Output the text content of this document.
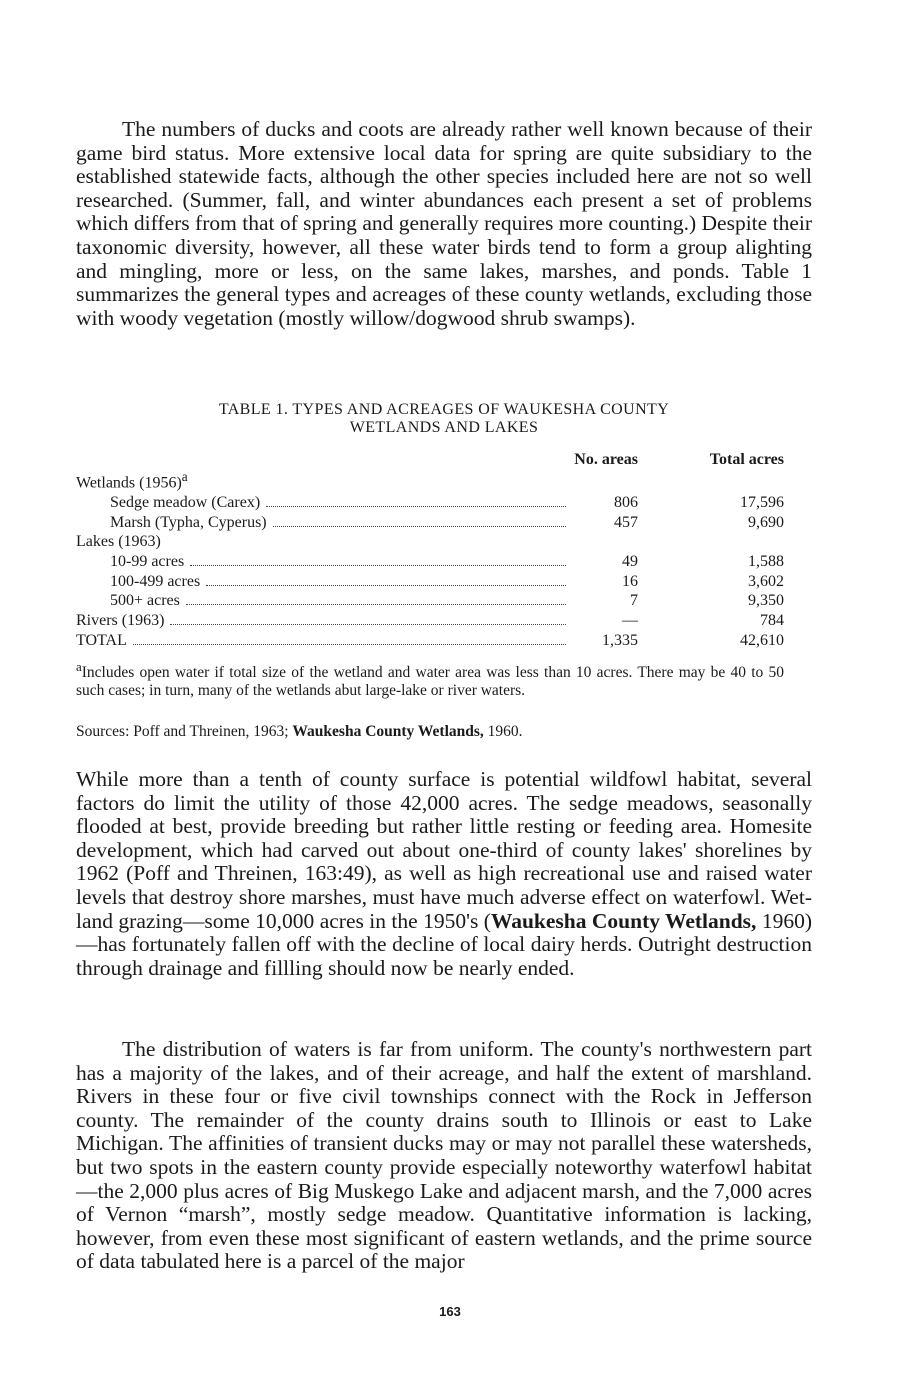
The numbers of ducks and coots are already rather well known because of their game bird status. More extensive local data for spring are quite subsidiary to the established statewide facts, although the other species included here are not so well researched. (Summer, fall, and winter abundances each present a set of problems which differs from that of spring and generally requires more counting.) Despite their taxonomic diversity, however, all these water birds tend to form a group alighting and mingling, more or less, on the same lakes, marshes, and ponds. Table 1 summarizes the general types and acreages of these county wetlands, excluding those with woody vegetation (mostly willow/dogwood shrub swamps).

TABLE 1. TYPES AND ACREAGES OF WAUKESHA COUNTY
WETLANDS AND LAKES
	No. areas	Total acres
Wetlands $(1956)^a$		

Sedge meadow (Carex)	806	17,596

Marsh (Typha, Cyperus)	457	9,690
Lakes (1963)		

10-99 acres	49	1,588

100-499 acres	16	3,602

500+ acres	7	9,350

Rivers (1963)	—	784

TOTAL	1,335	42,610

$^a$Includes open water if total size of the wetland and water area was less than 10 acres. There may be 40 to 50 such cases; in turn, many of the wetlands abut large-lake or river waters.

Sources: Poff and Threinen, 1963; Waukesha County Wetlands, 1960.

While more than a tenth of county surface is potential wildfowl habitat, several factors do limit the utility of those 42,000 acres. The sedge meadows, seasonally flooded at best, provide breeding but rather little resting or feeding area. Homesite development, which had carved out about one-third of county lakes' shorelines by 1962 (Poff and Threinen, 163:49), as well as high recreational use and raised water levels that destroy shore marshes, must have much adverse effect on waterfowl. Wetland grazing—some 10,000 acres in the 1950's (Waukesha County Wetlands, 1960)—has fortunately fallen off with the decline of local dairy herds. Outright destruction through drainage and fillling should now be nearly ended.

The distribution of waters is far from uniform. The county's northwestern part has a majority of the lakes, and of their acreage, and half the extent of marshland. Rivers in these four or five civil townships connect with the Rock in Jefferson county. The remainder of the county drains south to Illinois or east to Lake Michigan. The affinities of transient ducks may or may not parallel these watersheds, but two spots in the eastern county provide especially noteworthy waterfowl habitat—the 2,000 plus acres of Big Muskego Lake and adjacent marsh, and the 7,000 acres of Vernon “marsh”, mostly sedge meadow. Quantitative information is lacking, however, from even these most significant of eastern wetlands, and the prime source of data tabulated here is a parcel of the major

163
